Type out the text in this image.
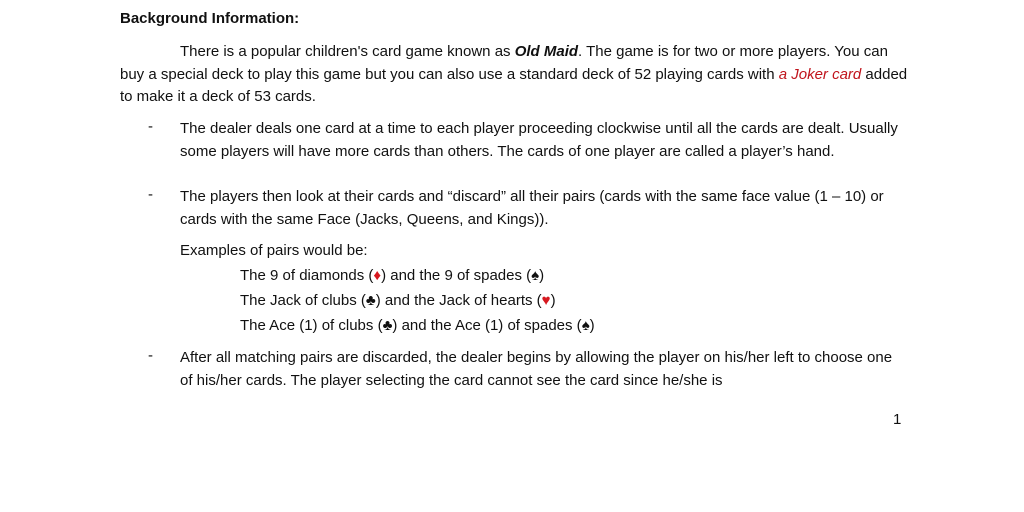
Background Information:
There is a popular children's card game known as Old Maid. The game is for two or more players. You can buy a special deck to play this game but you can also use a standard deck of 52 playing cards with a Joker card added to make it a deck of 53 cards.
-	The dealer deals one card at a time to each player proceeding clockwise until all the cards are dealt. Usually some players will have more cards than others. The cards of one player are called a player’s hand.
-	The players then look at their cards and “discard” all their pairs (cards with the same face value (1 – 10) or cards with the same Face (Jacks, Queens, and Kings)).
Examples of pairs would be:
The 9 of diamonds (♦) and the 9 of spades (♠)
The Jack of clubs (♣) and the Jack of hearts (♥)
The Ace (1) of clubs (♣) and the Ace (1) of spades (♠)
-	After all matching pairs are discarded, the dealer begins by allowing the player on his/her left to choose one of his/her cards. The player selecting the card cannot see the card since he/she is
1
